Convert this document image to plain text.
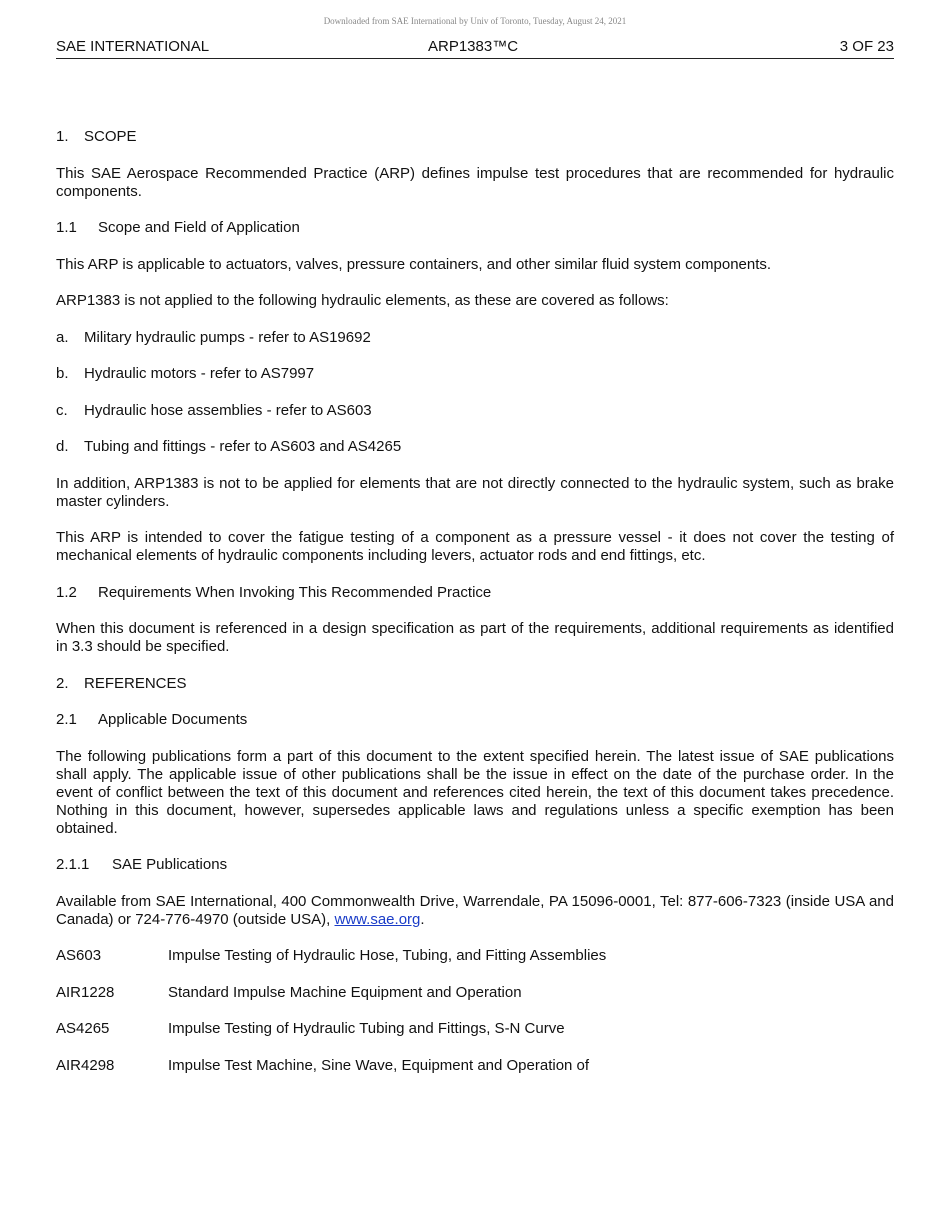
Downloaded from SAE International by Univ of Toronto, Tuesday, August 24, 2021
SAE INTERNATIONAL	ARP1383™C	3 OF 23
1. SCOPE

This SAE Aerospace Recommended Practice (ARP) defines impulse test procedures that are recommended for hydraulic components.

1.1 Scope and Field of Application

This ARP is applicable to actuators, valves, pressure containers, and other similar fluid system components.

ARP1383 is not applied to the following hydraulic elements, as these are covered as follows:

a. Military hydraulic pumps - refer to AS19692
b. Hydraulic motors - refer to AS7997
c. Hydraulic hose assemblies - refer to AS603
d. Tubing and fittings - refer to AS603 and AS4265

In addition, ARP1383 is not to be applied for elements that are not directly connected to the hydraulic system, such as brake master cylinders.

This ARP is intended to cover the fatigue testing of a component as a pressure vessel - it does not cover the testing of mechanical elements of hydraulic components including levers, actuator rods and end fittings, etc.

1.2 Requirements When Invoking This Recommended Practice

When this document is referenced in a design specification as part of the requirements, additional requirements as identified in 3.3 should be specified.

2. REFERENCES
2.1 Applicable Documents

The following publications form a part of this document to the extent specified herein. The latest issue of SAE publications shall apply. The applicable issue of other publications shall be the issue in effect on the date of the purchase order. In the event of conflict between the text of this document and references cited herein, the text of this document takes precedence. Nothing in this document, however, supersedes applicable laws and regulations unless a specific exemption has been obtained.

2.1.1 SAE Publications

Available from SAE International, 400 Commonwealth Drive, Warrendale, PA 15096-0001, Tel: 877-606-7323 (inside USA and Canada) or 724-776-4970 (outside USA), www.sae.org.

AS603	Impulse Testing of Hydraulic Hose, Tubing, and Fitting Assemblies
AIR1228	Standard Impulse Machine Equipment and Operation
AS4265	Impulse Testing of Hydraulic Tubing and Fittings, S-N Curve
AIR4298	Impulse Test Machine, Sine Wave, Equipment and Operation of
